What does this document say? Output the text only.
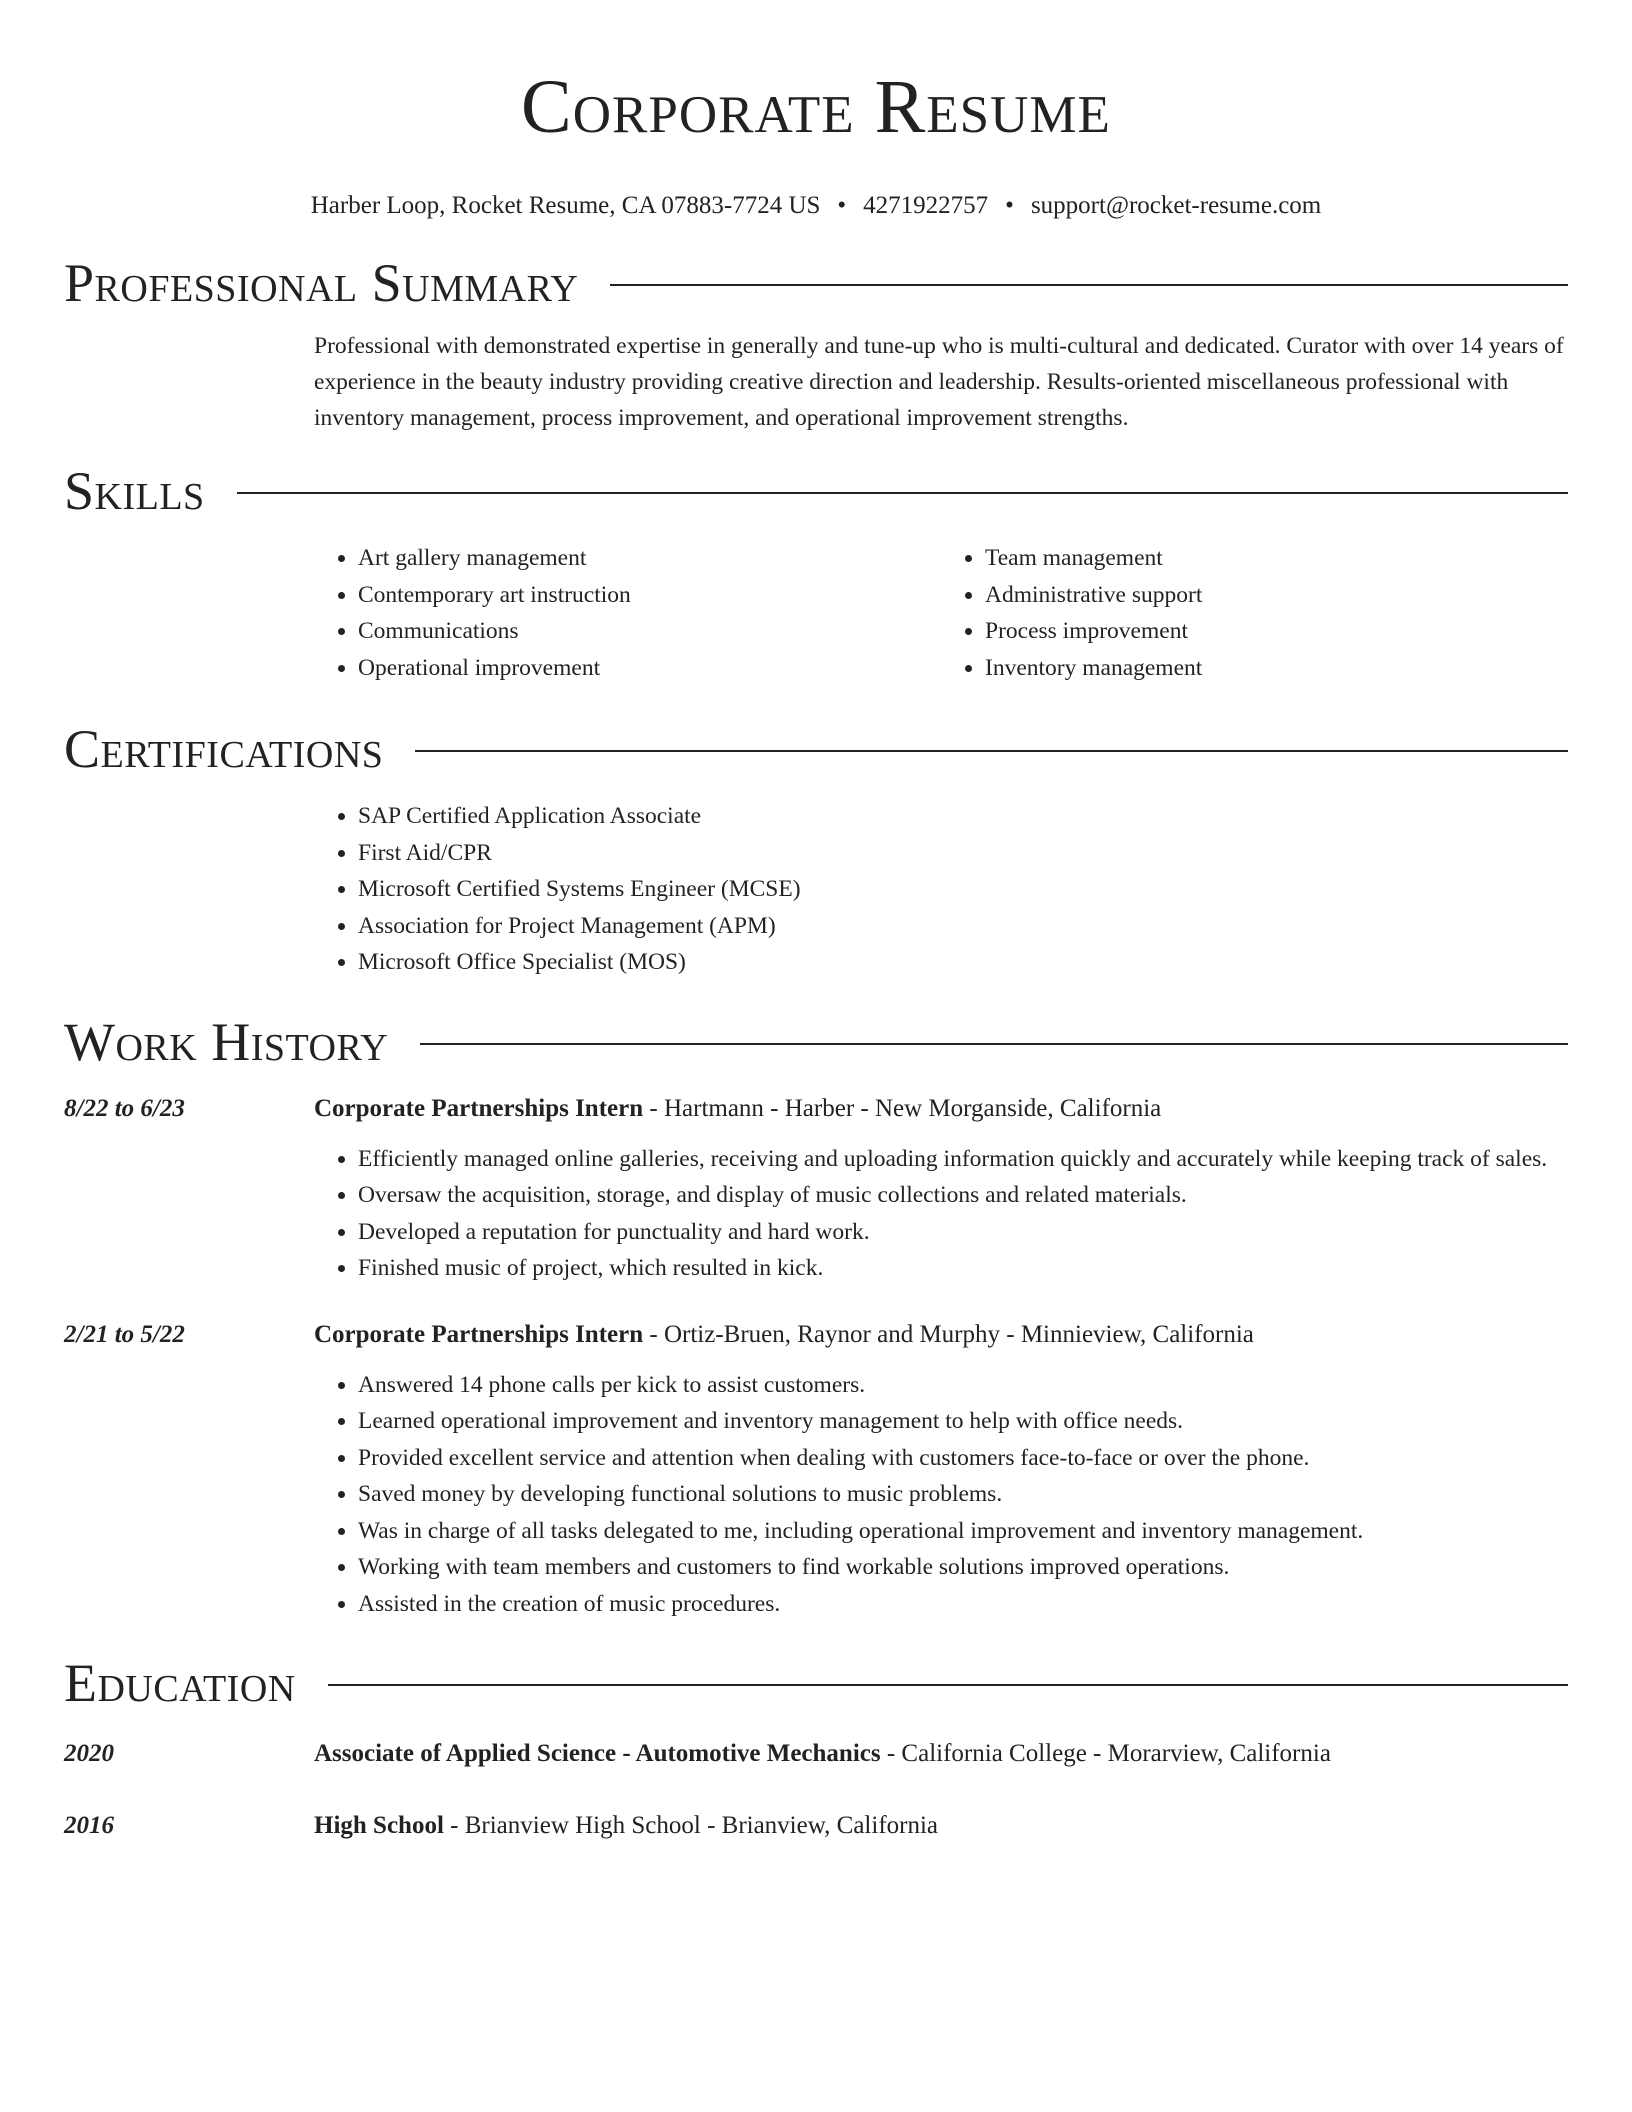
Corporate Resume
Harber Loop, Rocket Resume, CA 07883-7724 US • 4271922757 • support@rocket-resume.com
Professional Summary

Professional with demonstrated expertise in generally and tune-up who is multi-cultural and dedicated. Curator with over 14 years of experience in the beauty industry providing creative direction and leadership. Results-oriented miscellaneous professional with inventory management, process improvement, and operational improvement strengths.

Skills
• Art gallery management
• Contemporary art instruction
• Communications
• Operational improvement
• Team management
• Administrative support
• Process improvement
• Inventory management
Certifications
• SAP Certified Application Associate
• First Aid/CPR
• Microsoft Certified Systems Engineer (MCSE)
• Association for Project Management (APM)
• Microsoft Office Specialist (MOS)
Work History
8/22 to 6/23	Corporate Partnerships Intern - Hartmann - Harber - New Morganside, California
• Efficiently managed online galleries, receiving and uploading information quickly and accurately while keeping track of sales.
• Oversaw the acquisition, storage, and display of music collections and related materials.
• Developed a reputation for punctuality and hard work.
• Finished music of project, which resulted in kick.
2/21 to 5/22	Corporate Partnerships Intern - Ortiz-Bruen, Raynor and Murphy - Minnieview, California
• Answered 14 phone calls per kick to assist customers.
• Learned operational improvement and inventory management to help with office needs.
• Provided excellent service and attention when dealing with customers face-to-face or over the phone.
• Saved money by developing functional solutions to music problems.
• Was in charge of all tasks delegated to me, including operational improvement and inventory management.
• Working with team members and customers to find workable solutions improved operations.
• Assisted in the creation of music procedures.
Education
2020	Associate of Applied Science - Automotive Mechanics - California College - Morarview, California
2016	High School - Brianview High School - Brianview, California
